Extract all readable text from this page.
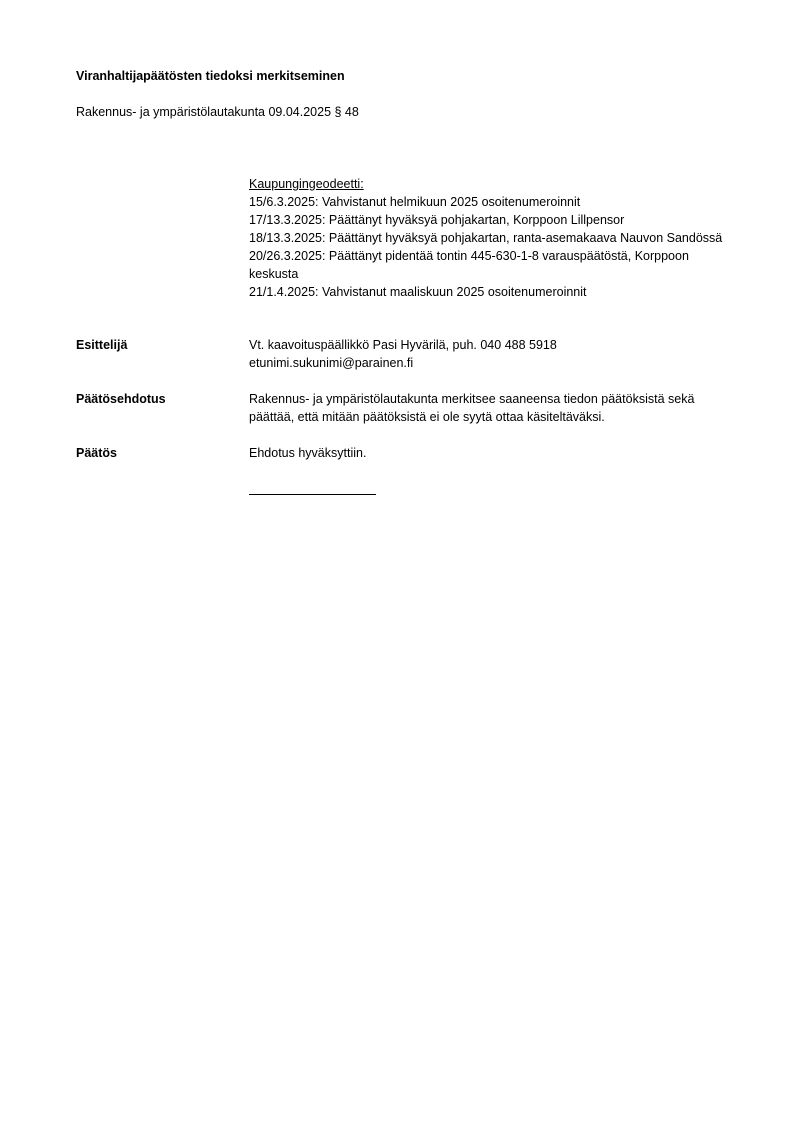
Viranhaltijapäätösten tiedoksi merkitseminen
Rakennus- ja ympäristölautakunta 09.04.2025 § 48
Kaupungingeodeetti:
15/6.3.2025: Vahvistanut helmikuun 2025 osoitenumeroinnit
17/13.3.2025: Päättänyt hyväksyä pohjakartan, Korppoon Lillpensor
18/13.3.2025: Päättänyt hyväksyä pohjakartan, ranta-asemakaava Nauvon Sandössä
20/26.3.2025: Päättänyt pidentää tontin 445-630-1-8 varauspäätöstä, Korppoon keskusta
21/1.4.2025: Vahvistanut maaliskuun 2025 osoitenumeroinnit
Esittelijä	Vt. kaavoituspäällikkö Pasi Hyvärilä, puh. 040 488 5918
etunimi.sukunimi@parainen.fi
Päätösehdotus	Rakennus- ja ympäristölautakunta merkitsee saaneensa tiedon päätöksistä sekä päättää, että mitään päätöksistä ei ole syytä ottaa käsiteltäväksi.
Päätös	Ehdotus hyväksyttiin.
